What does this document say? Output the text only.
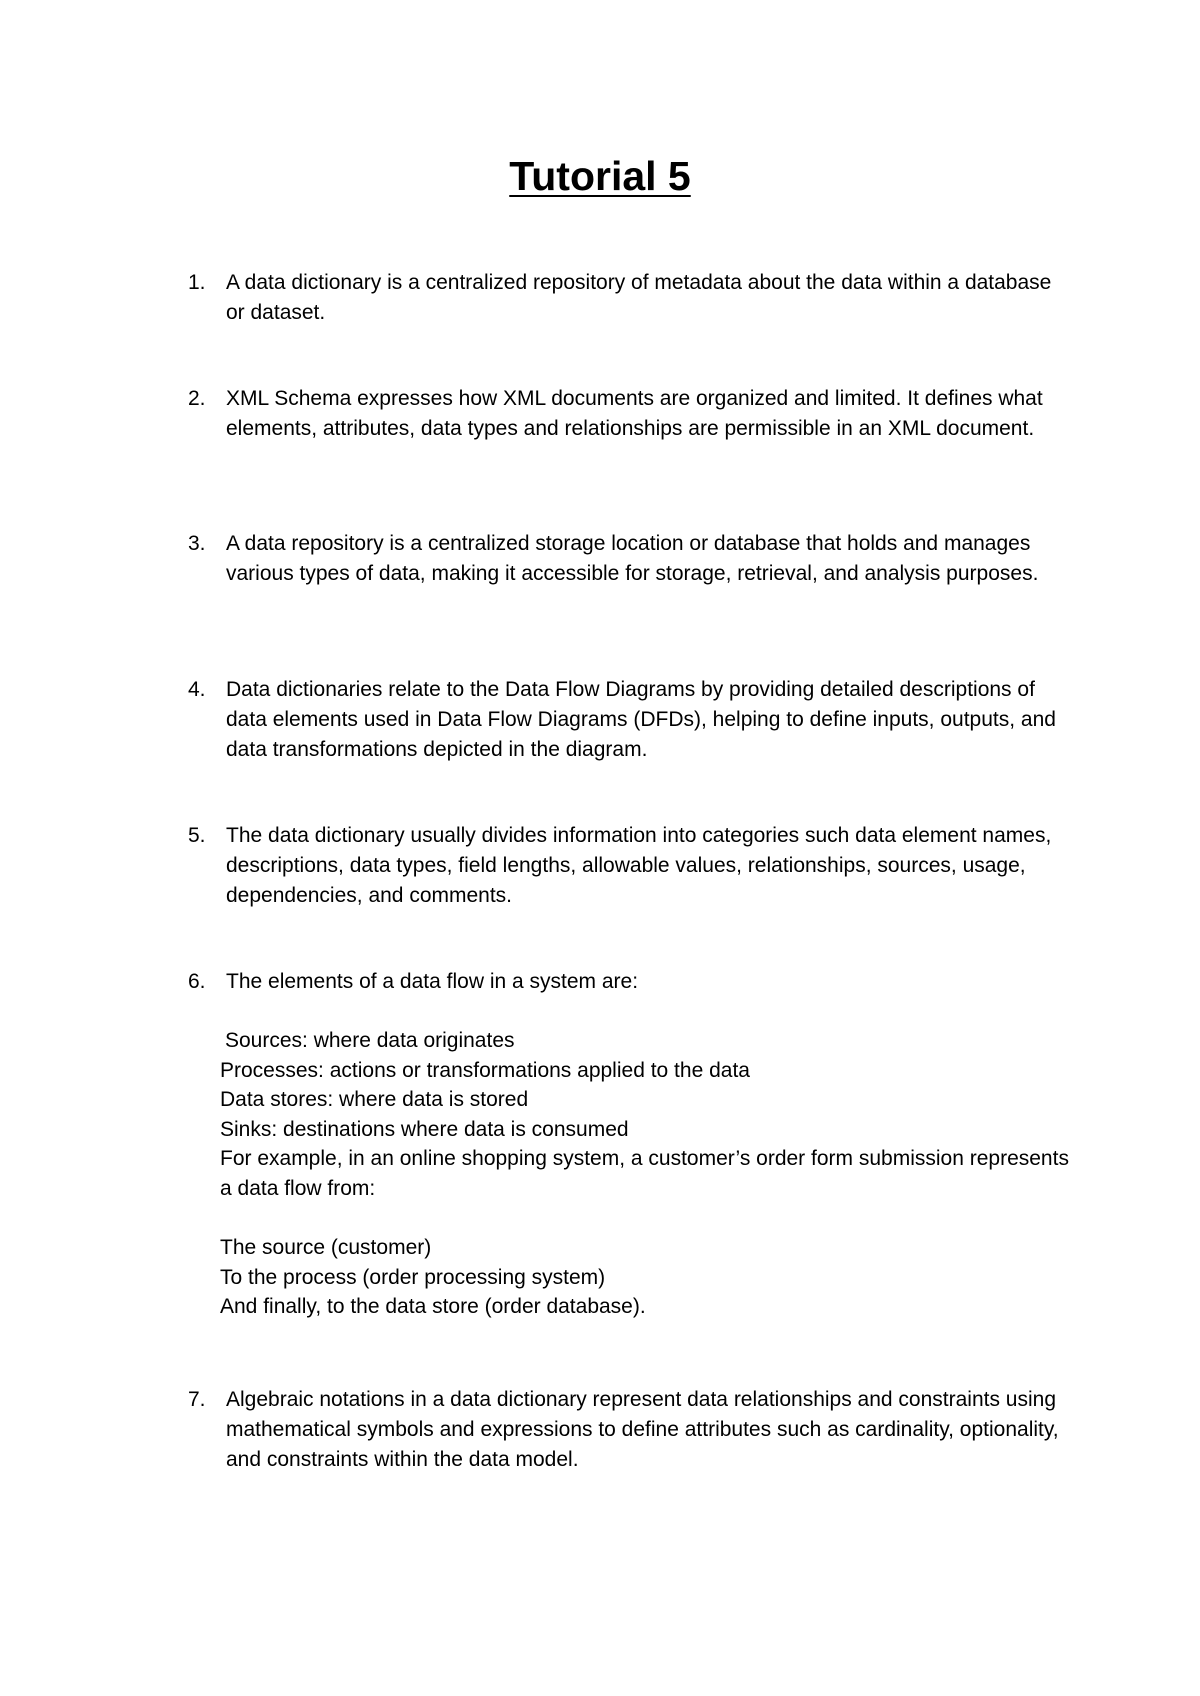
Tutorial 5
1. A data dictionary is a centralized repository of metadata about the data within a database or dataset.
2. XML Schema expresses how XML documents are organized and limited. It defines what elements, attributes, data types and relationships are permissible in an XML document.
3. A data repository is a centralized storage location or database that holds and manages various types of data, making it accessible for storage, retrieval, and analysis purposes.
4. Data dictionaries relate to the Data Flow Diagrams by providing detailed descriptions of data elements used in Data Flow Diagrams (DFDs), helping to define inputs, outputs, and data transformations depicted in the diagram.
5. The data dictionary usually divides information into categories such data element names, descriptions, data types, field lengths, allowable values, relationships, sources, usage, dependencies, and comments.
6. The elements of a data flow in a system are:
Sources: where data originates
Processes: actions or transformations applied to the data
Data stores: where data is stored
Sinks: destinations where data is consumed
For example, in an online shopping system, a customer’s order form submission represents a data flow from:
The source (customer)
To the process (order processing system)
And finally, to the data store (order database).
7. Algebraic notations in a data dictionary represent data relationships and constraints using mathematical symbols and expressions to define attributes such as cardinality, optionality, and constraints within the data model.
